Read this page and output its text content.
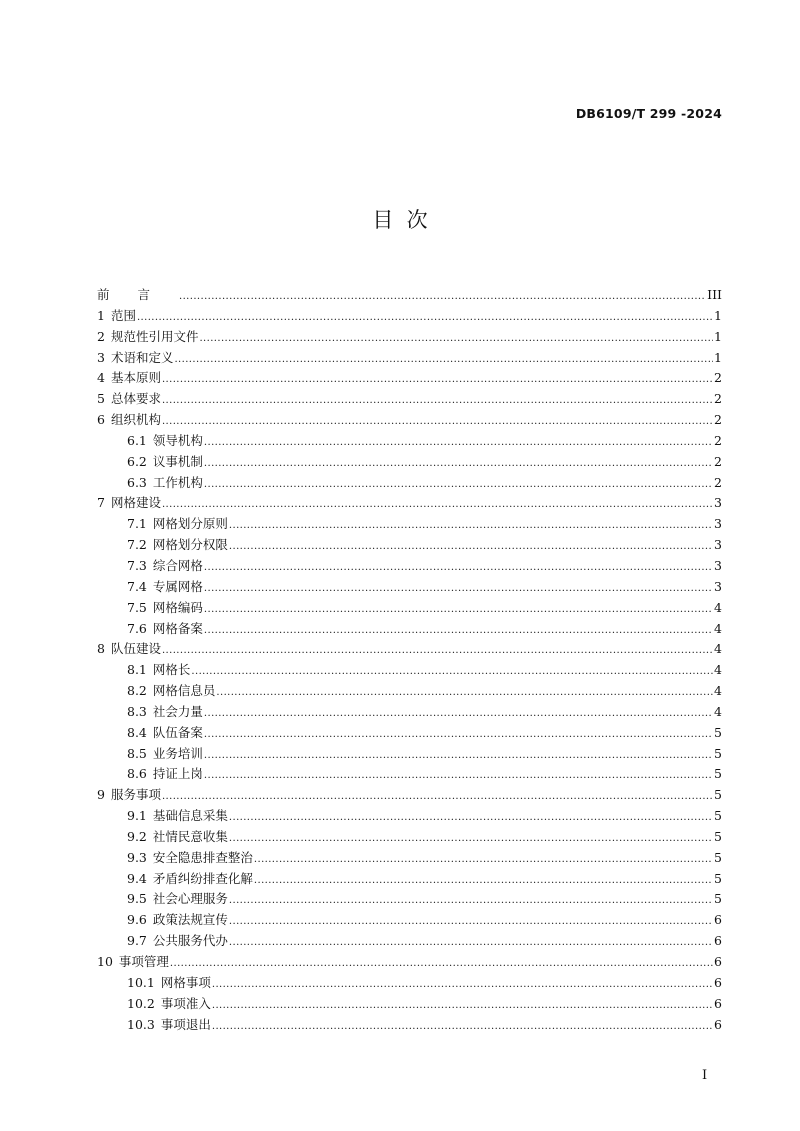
DB6109/T 299 -2024
目  次
前言 .....	III
1 范围 .....	1
2 规范性引用文件 .....	1
3 术语和定义 .....	1
4 基本原则 .....	2
5 总体要求 .....	2
6 组织机构 .....	2
6.1 领导机构 .....	2
6.2 议事机制 .....	2
6.3 工作机构 .....	2
7 网格建设 .....	3
7.1 网格划分原则 .....	3
7.2 网格划分权限 .....	3
7.3 综合网格 .....	3
7.4 专属网格 .....	3
7.5 网格编码 .....	4
7.6 网格备案 .....	4
8 队伍建设 .....	4
8.1 网格长 .....	4
8.2 网格信息员 .....	4
8.3 社会力量 .....	4
8.4 队伍备案 .....	5
8.5 业务培训 .....	5
8.6 持证上岗 .....	5
9 服务事项 .....	5
9.1 基础信息采集 .....	5
9.2 社情民意收集 .....	5
9.3 安全隐患排查整治 .....	5
9.4 矛盾纠纷排查化解 .....	5
9.5 社会心理服务 .....	5
9.6 政策法规宣传 .....	6
9.7 公共服务代办 .....	6
10 事项管理 .....	6
10.1 网格事项 .....	6
10.2 事项准入 .....	6
10.3 事项退出 .....	6
I
